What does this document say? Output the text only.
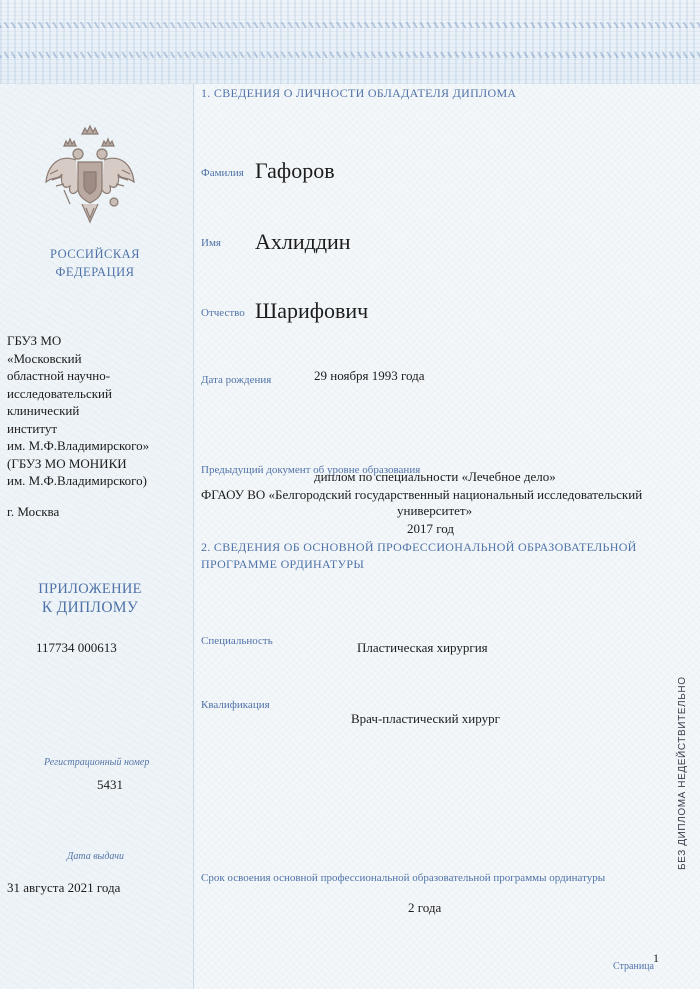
РОССИЙСКАЯ
ФЕДЕРАЦИЯ
ГБУЗ МО
«Московский
областной научно-
исследовательский
клинический
институт
им. М.Ф.Владимирского»
(ГБУЗ МО МОНИКИ
им. М.Ф.Владимирского)
г. Москва
ПРИЛОЖЕНИЕ
К ДИПЛОМУ
117734 000613
Регистрационный номер
5431
Дата выдачи
31 августа 2021 года
1. СВЕДЕНИЯ О ЛИЧНОСТИ ОБЛАДАТЕЛЯ ДИПЛОМА
Фамилия Гафоров
Имя Ахлиддин
Отчество Шарифович
Дата рождения	29 ноября 1993 года
Предыдущий документ об уровне образования
диплом по специальности «Лечебное дело»
ФГАОУ ВО «Белгородский государственный национальный исследовательский
университет»
2017 год
2. СВЕДЕНИЯ ОБ ОСНОВНОЙ ПРОФЕССИОНАЛЬНОЙ ОБРАЗОВАТЕЛЬНОЙ
ПРОГРАММЕ ОРДИНАТУРЫ
Специальность	Пластическая хирургия
Квалификация
Врач-пластический хирург
Срок освоения основной профессиональной образовательной программы ординатуры
2 года
Страница
1
БЕЗ ДИПЛОМА НЕДЕЙСТВИТЕЛЬНО
